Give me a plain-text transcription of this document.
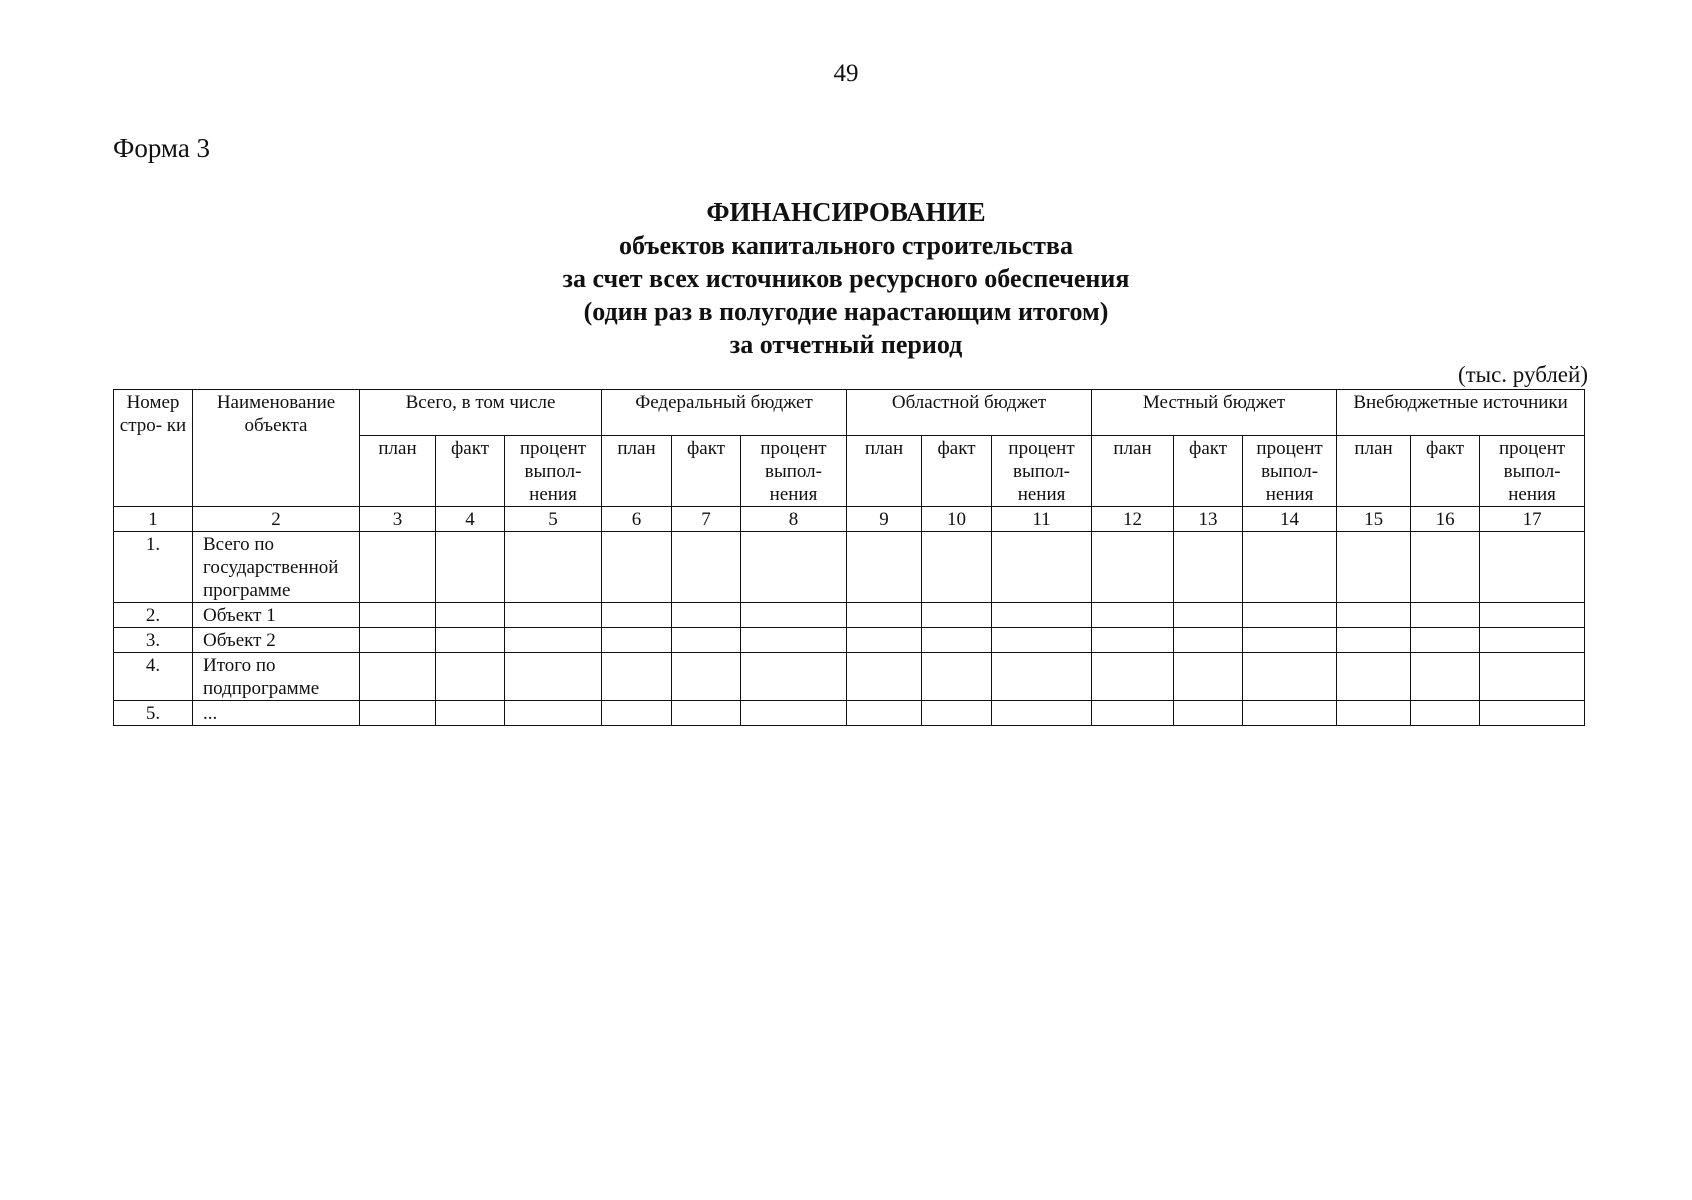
49
Форма 3
ФИНАНСИРОВАНИЕ
объектов капитального строительства
за счет всех источников ресурсного обеспечения
(один раз в полугодие нарастающим итогом)
за отчетный период
(тыс. рублей)
Номер стро- ки	Наименование объекта	Всего, в том числе			Федеральный бюджет			Областной бюджет			Местный бюджет			Внебюджетные источники		
		план	факт	процент выпол- нения	план	факт	процент выпол- нения	план	факт	процент выпол- нения	план	факт	процент выпол- нения	план	факт	процент выпол- нения
1	2	3	4	5	6	7	8	9	10	11	12	13	14	15	16	17
1.	Всего по государственной программе															
2.	Объект 1															
3.	Объект 2															
4.	Итого по подпрограмме															
5.	...															
